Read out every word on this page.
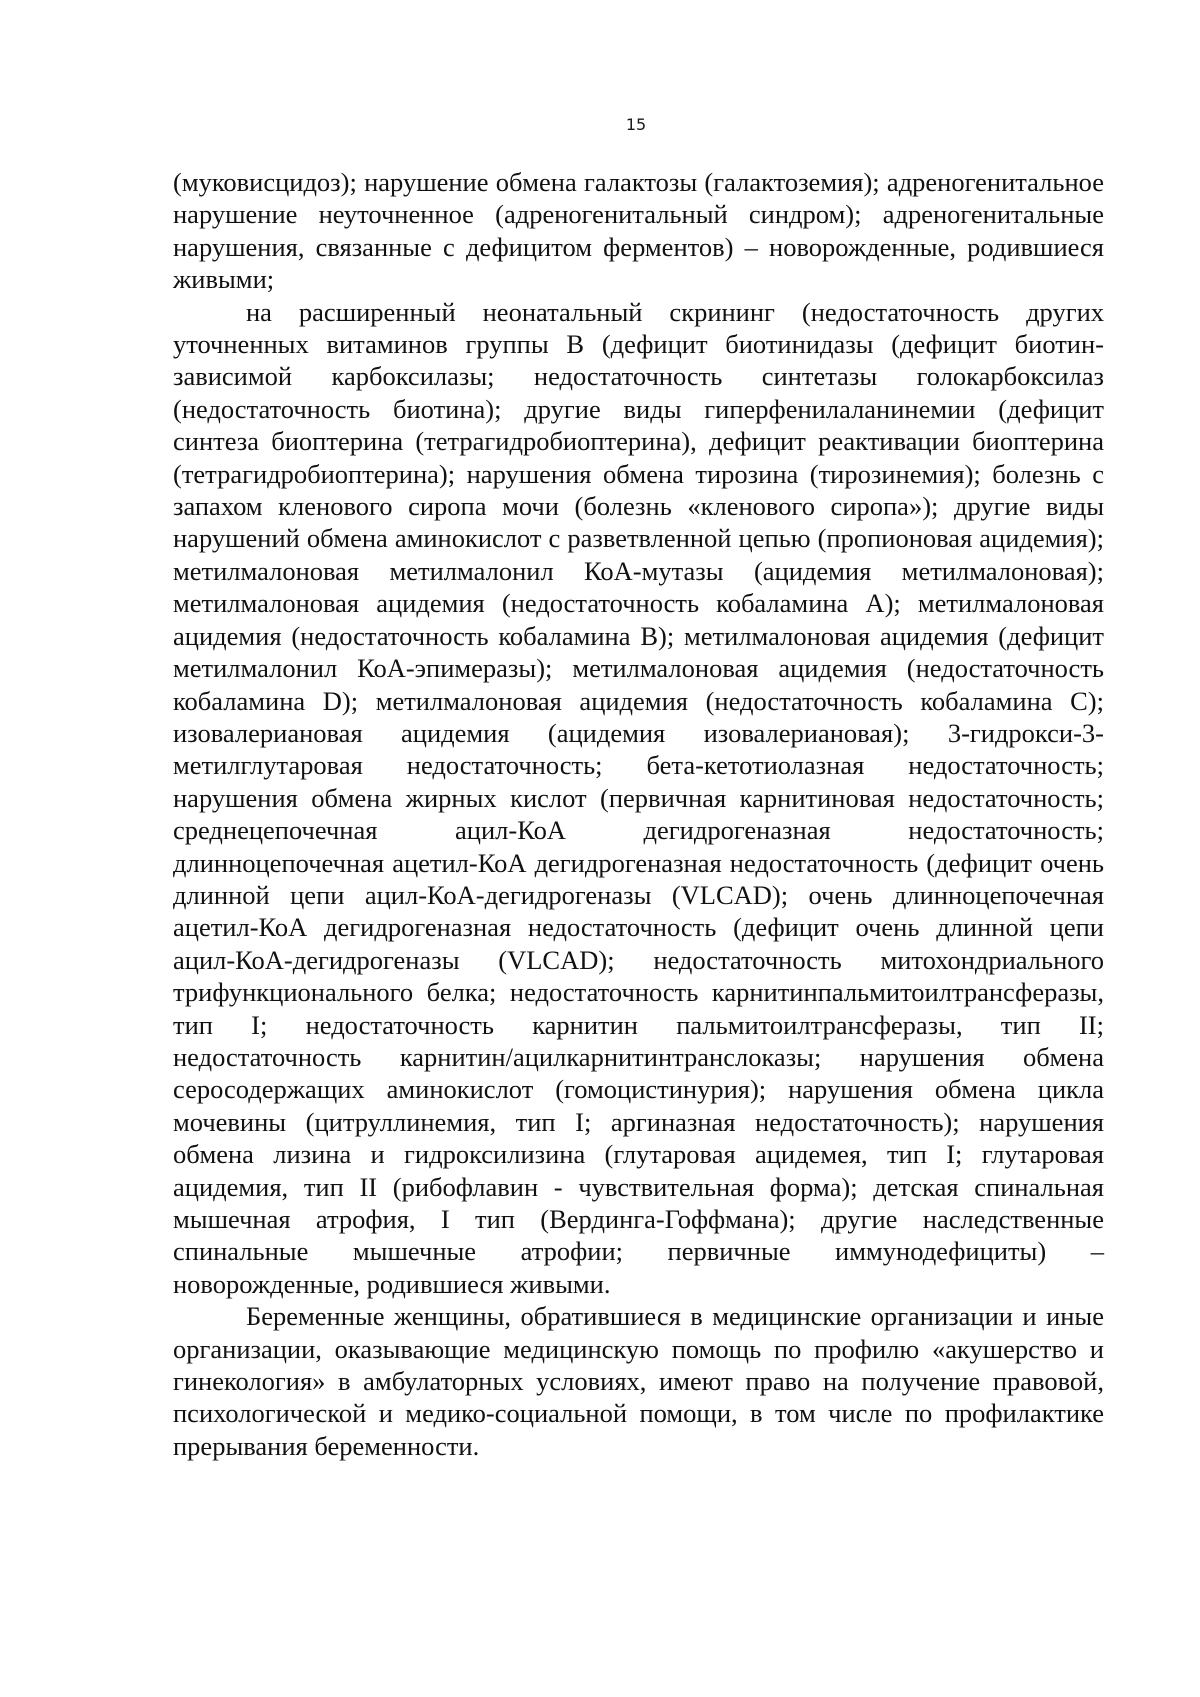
15

(муковисцидоз); нарушение обмена галактозы (галактоземия); адреногенитальное нарушение неуточненное (адреногенитальный синдром); адреногенитальные нарушения, связанные с дефицитом ферментов) – новорожденные, родившиеся живыми;

на расширенный неонатальный скрининг (недостаточность других уточненных витаминов группы B (дефицит биотинидазы (дефицит биотин-зависимой карбоксилазы; недостаточность синтетазы голокарбоксилаз (недостаточность биотина); другие виды гиперфенилаланинемии (дефицит синтеза биоптерина (тетрагидробиоптерина), дефицит реактивации биоптерина (тетрагидробиоптерина); нарушения обмена тирозина (тирозинемия); болезнь с запахом кленового сиропа мочи (болезнь «кленового сиропа»); другие виды нарушений обмена аминокислот с разветвленной цепью (пропионовая ацидемия); метилмалоновая метилмалонил КоА-мутазы (ацидемия метилмалоновая); метилмалоновая ацидемия (недостаточность кобаламина A); метилмалоновая ацидемия (недостаточность кобаламина B); метилмалоновая ацидемия (дефицит метилмалонил КоА-эпимеразы); метилмалоновая ацидемия (недостаточность кобаламина D); метилмалоновая ацидемия (недостаточность кобаламина C); изовалериановая ацидемия (ацидемия изовалериановая); 3-гидрокси-3-метилглутаровая недостаточность; бета-кетотиолазная недостаточность; нарушения обмена жирных кислот (первичная карнитиновая недостаточность; среднецепочечная ацил-КоА дегидрогеназная недостаточность; длинноцепочечная ацетил-КоА дегидрогеназная недостаточность (дефицит очень длинной цепи ацил-КоА-дегидрогеназы (VLCAD); очень длинноцепочечная ацетил-КоА дегидрогеназная недостаточность (дефицит очень длинной цепи ацил-КоА-дегидрогеназы (VLCAD); недостаточность митохондриального трифункционального белка; недостаточность карнитинпальмитоилтрансферазы, тип I; недостаточность карнитин пальмитоилтрансферазы, тип II; недостаточность карнитин/ацилкарнитинтранслоказы; нарушения обмена серосодержащих аминокислот (гомоцистинурия); нарушения обмена цикла мочевины (цитруллинемия, тип I; аргиназная недостаточность); нарушения обмена лизина и гидроксилизина (глутаровая ацидемея, тип I; глутаровая ацидемия, тип II (рибофлавин - чувствительная форма); детская спинальная мышечная атрофия, I тип (Вердинга-Гоффмана); другие наследственные спинальные мышечные атрофии; первичные иммунодефициты) – новорожденные, родившиеся живыми.

Беременные женщины, обратившиеся в медицинские организации и иные организации, оказывающие медицинскую помощь по профилю «акушерство и гинекология» в амбулаторных условиях, имеют право на получение правовой, психологической и медико-социальной помощи, в том числе по профилактике прерывания беременности.
